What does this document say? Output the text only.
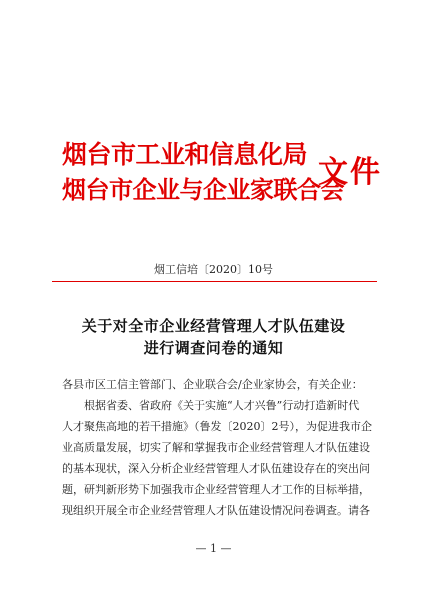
烟台市工业和信息化局
烟台市企业与企业家联合会
文件
烟工信培〔2020〕10号
关于对全市企业经营管理人才队伍建设
进行调查问卷的通知
各县市区工信主管部门、企业联合会/企业家协会，有关企业：
　　根据省委、省政府《关于实施“人才兴鲁”行动打造新时代
人才聚焦高地的若干措施》（鲁发〔2020〕2号），为促进我市企
业高质量发展，切实了解和掌握我市企业经营管理人才队伍建设
的基本现状，深入分析企业经营管理人才队伍建设存在的突出问
题，研判新形势下加强我市企业经营管理人才工作的目标举措，
现组织开展全市企业经营管理人才队伍建设情况问卷调查。请各
— 1 —
